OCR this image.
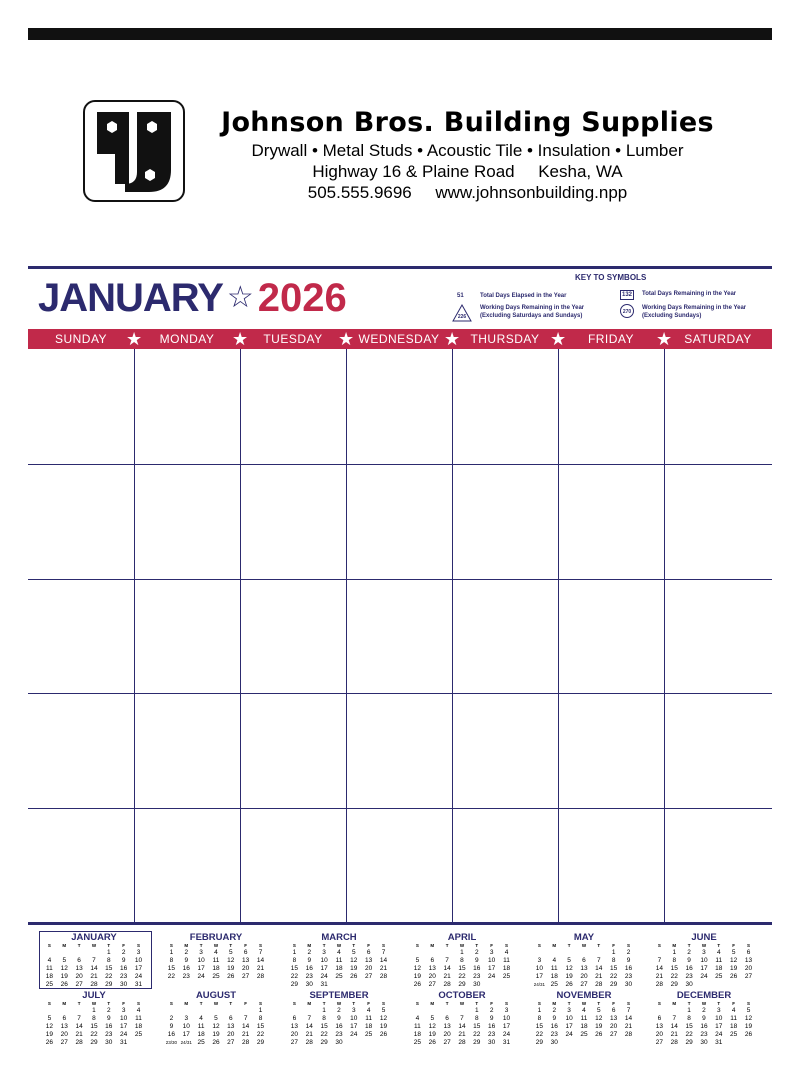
Johnson Bros. Building Supplies
Drywall • Metal Studs • Acoustic Tile • Insulation • Lumber
Highway 16 & Plaine Road     Kesha, WA
505.555.9696     www.johnsonbuilding.npp
JANUARY ☆ 2026	KEY TO SYMBOLS
51	Total Days Elapsed in the Year	132	Total Days Remaining in the Year
226
Working Days Remaining in the Year (Excluding Saturdays and Sundays)
270
Working Days Remaining in the Year (Excluding Sundays)
SUNDAY	MONDAY	TUESDAY	WEDNESDAY	THURSDAY	FRIDAY	SATURDAY
★	★	★	★	★	★
JANUARY
S	M	T	W	T	F	S
				1	2	3
4	5	6	7	8	9	10
11	12	13	14	15	16	17
18	19	20	21	22	23	24
25	26	27	28	29	30	31
FEBRUARY
S	M	T	W	T	F	S
1	2	3	4	5	6	7
8	9	10	11	12	13	14
15	16	17	18	19	20	21
22	23	24	25	26	27	28
MARCH
S	M	T	W	T	F	S
1	2	3	4	5	6	7
8	9	10	11	12	13	14
15	16	17	18	19	20	21
22	23	24	25	26	27	28
29	30	31				
APRIL
S	M	T	W	T	F	S
			1	2	3	4
5	6	7	8	9	10	11
12	13	14	15	16	17	18
19	20	21	22	23	24	25
26	27	28	29	30		
MAY
S	M	T	W	T	F	S
					1	2
3	4	5	6	7	8	9
10	11	12	13	14	15	16
17	18	19	20	21	22	23
24/31	25	26	27	28	29	30
JUNE
S	M	T	W	T	F	S
	1	2	3	4	5	6
7	8	9	10	11	12	13
14	15	16	17	18	19	20
21	22	23	24	25	26	27
28	29	30				
JULY
S	M	T	W	T	F	S
			1	2	3	4
5	6	7	8	9	10	11
12	13	14	15	16	17	18
19	20	21	22	23	24	25
26	27	28	29	30	31	
AUGUST
S	M	T	W	T	F	S
						1
2	3	4	5	6	7	8
9	10	11	12	13	14	15
16	17	18	19	20	21	22
23/30	24/31	25	26	27	28	29
SEPTEMBER
S	M	T	W	T	F	S
		1	2	3	4	5
6	7	8	9	10	11	12
13	14	15	16	17	18	19
20	21	22	23	24	25	26
27	28	29	30			
OCTOBER
S	M	T	W	T	F	S
				1	2	3
4	5	6	7	8	9	10
11	12	13	14	15	16	17
18	19	20	21	22	23	24
25	26	27	28	29	30	31
NOVEMBER
S	M	T	W	T	F	S
1	2	3	4	5	6	7
8	9	10	11	12	13	14
15	16	17	18	19	20	21
22	23	24	25	26	27	28
29	30					
DECEMBER
S	M	T	W	T	F	S
		1	2	3	4	5
6	7	8	9	10	11	12
13	14	15	16	17	18	19
20	21	22	23	24	25	26
27	28	29	30	31		
